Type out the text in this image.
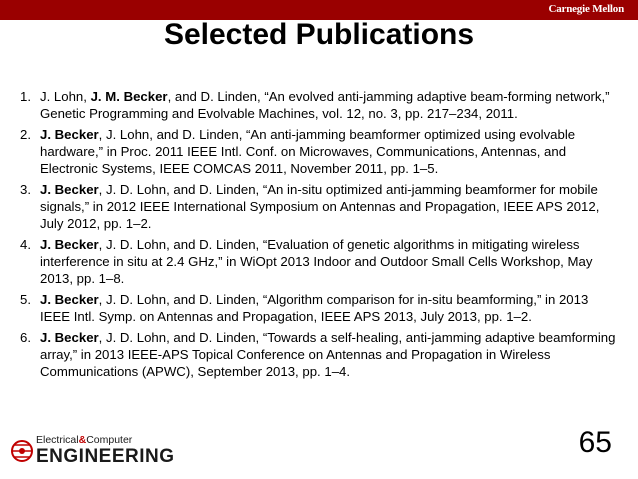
Carnegie Mellon
Selected Publications
1. J. Lohn, J. M. Becker, and D. Linden, “An evolved anti-jamming adaptive beam-forming network,” Genetic Programming and Evolvable Machines, vol. 12, no. 3, pp. 217–234, 2011.
2. J. Becker, J. Lohn, and D. Linden, “An anti-jamming beamformer optimized using evolvable hardware,” in Proc. 2011 IEEE Intl. Conf. on Microwaves, Communications, Antennas, and Electronic Systems, IEEE COMCAS 2011, November 2011, pp. 1–5.
3. J. Becker, J. D. Lohn, and D. Linden, “An in-situ optimized anti-jamming beamformer for mobile signals,” in 2012 IEEE International Symposium on Antennas and Propagation, IEEE APS 2012, July 2012, pp. 1–2.
4. J. Becker, J. D. Lohn, and D. Linden, “Evaluation of genetic algorithms in mitigating wireless interference in situ at 2.4 GHz,” in WiOpt 2013 Indoor and Outdoor Small Cells Workshop, May 2013, pp. 1–8.
5. J. Becker, J. D. Lohn, and D. Linden, “Algorithm comparison for in-situ beamforming,” in 2013 IEEE Intl. Symp. on Antennas and Propagation, IEEE APS 2013, July 2013, pp. 1–2.
6. J. Becker, J. D. Lohn, and D. Linden, “Towards a self-healing, anti-jamming adaptive beamforming array,” in 2013 IEEE-APS Topical Conference on Antennas and Propagation in Wireless Communications (APWC), September 2013, pp. 1–4.
Electrical&Computer
ENGINEERING	65
